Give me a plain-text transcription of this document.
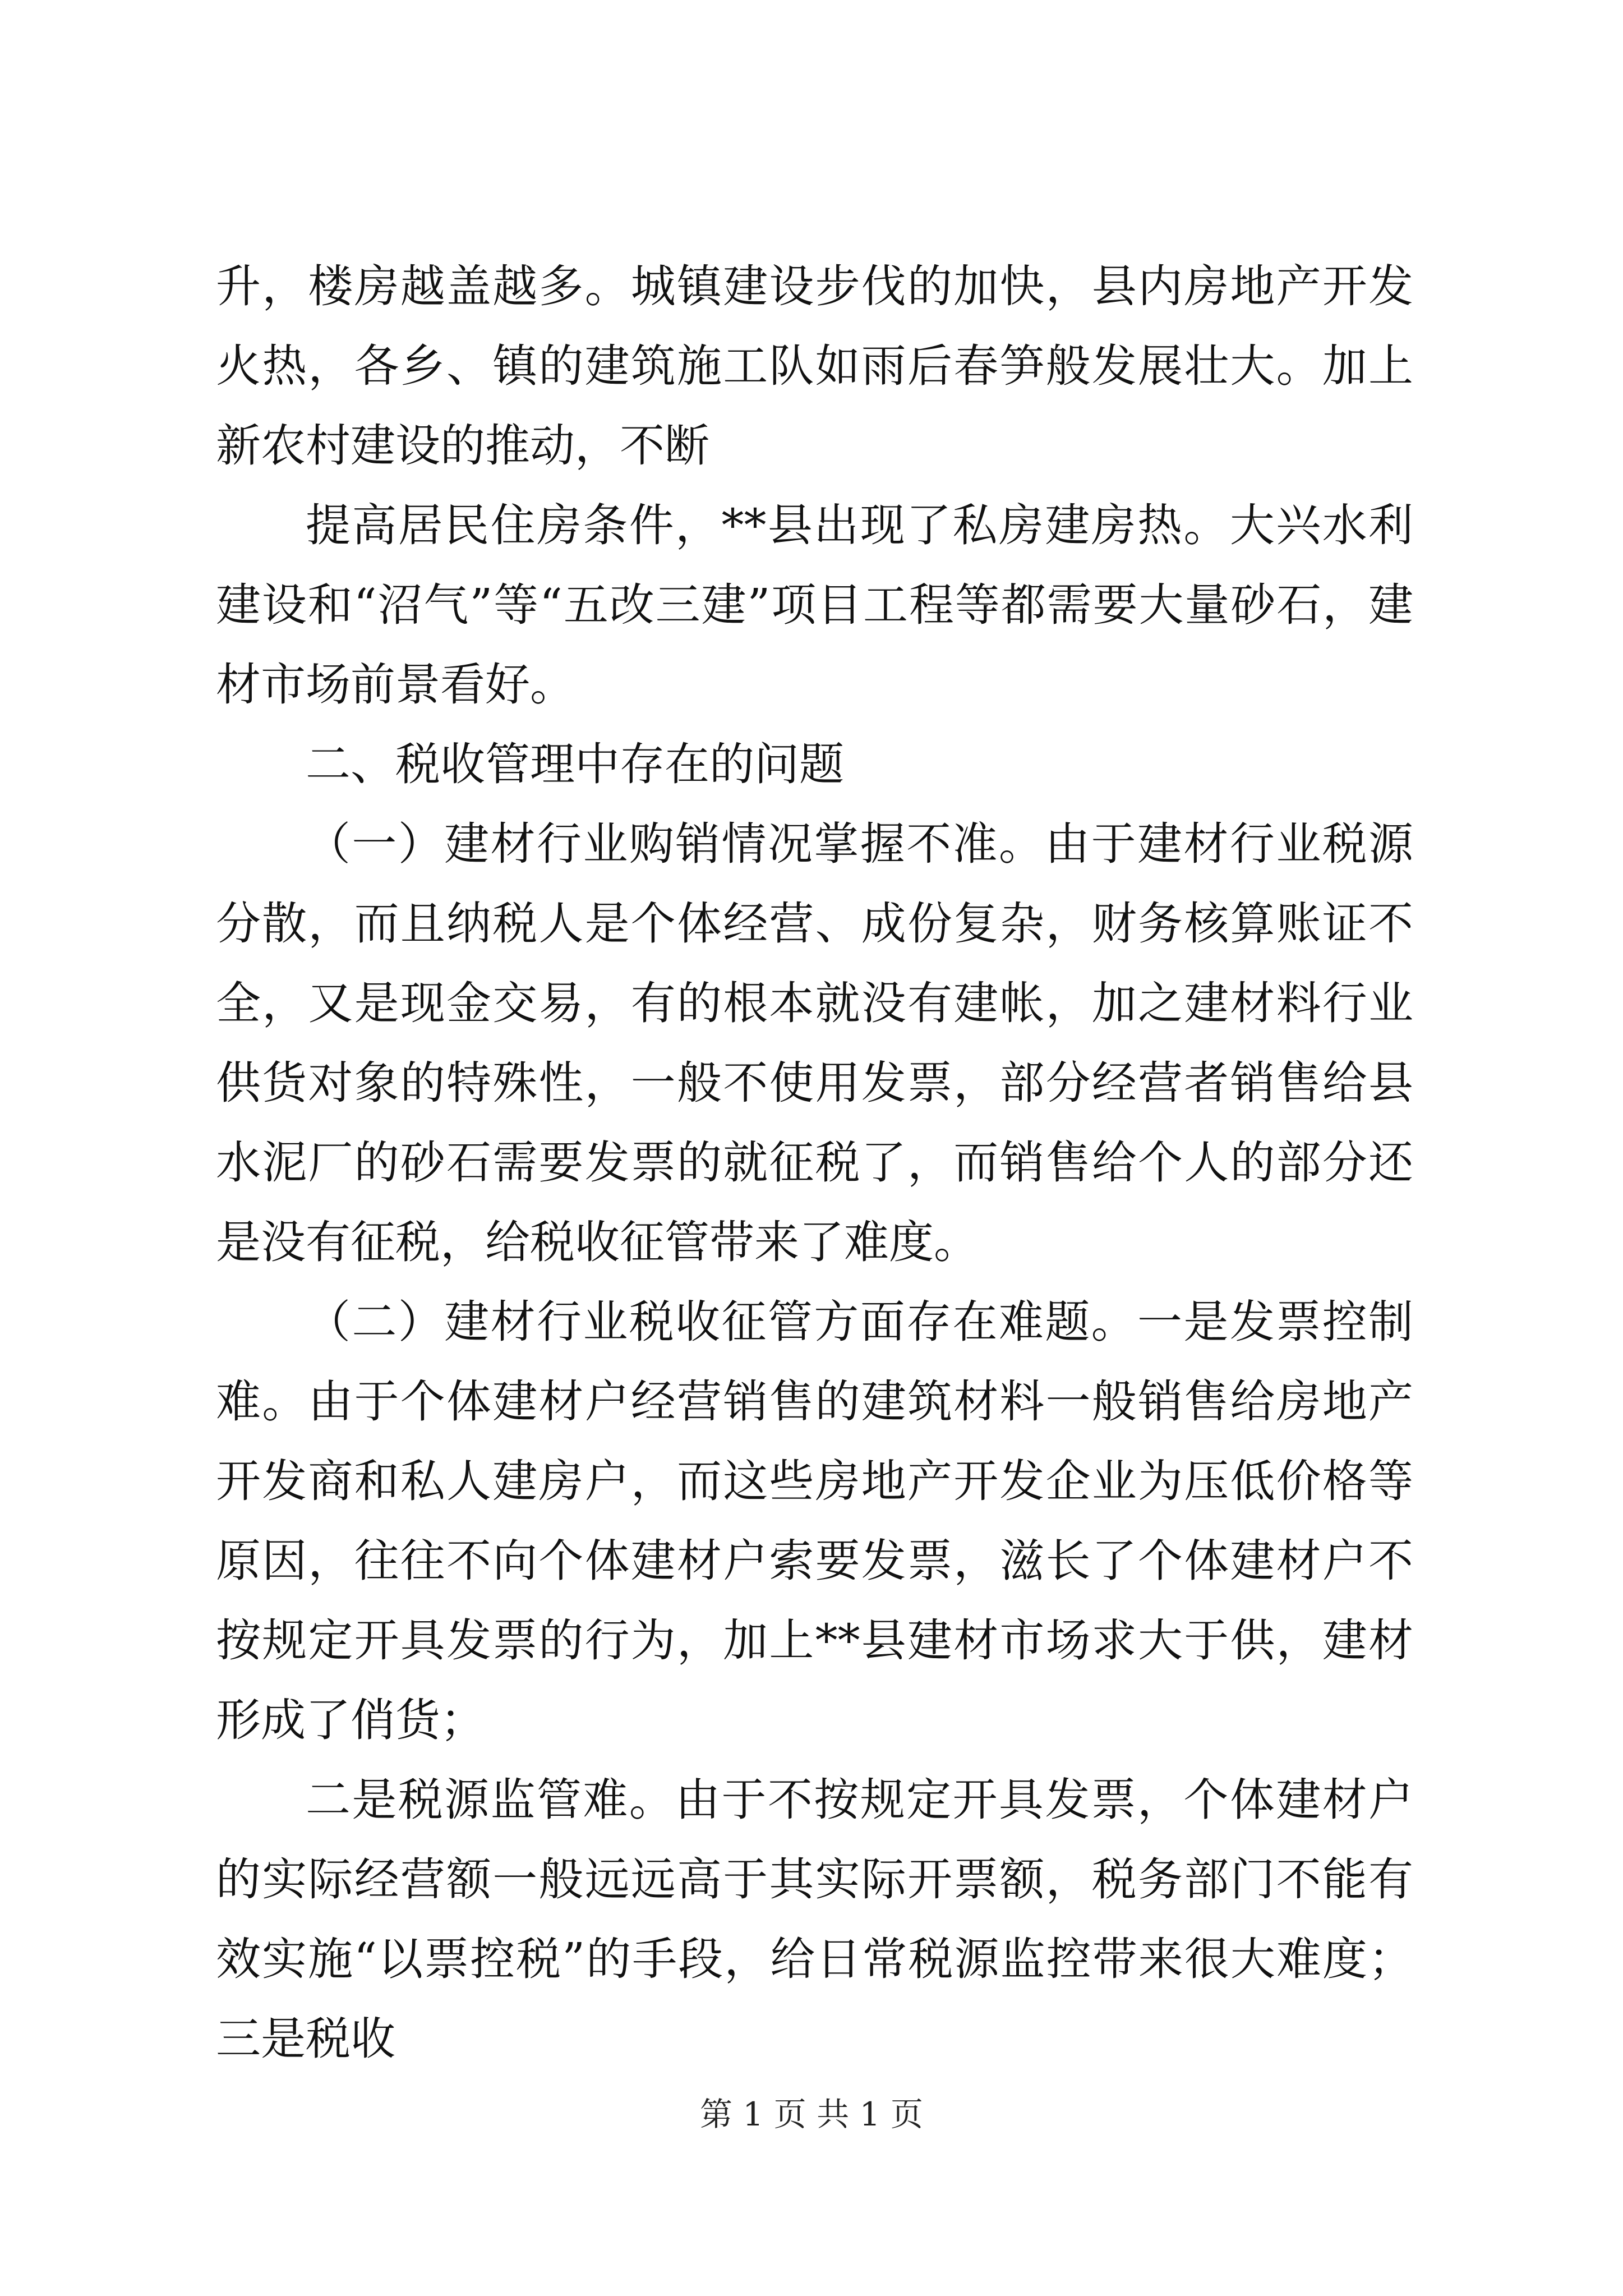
升，楼房越盖越多。城镇建设步伐的加快，县内房地产开发火热，各乡、镇的建筑施工队如雨后春笋般发展壮大。加上新农村建设的推动，不断

提高居民住房条件，**县出现了私房建房热。大兴水利建设和“沼气”等“五改三建”项目工程等都需要大量砂石，建材市场前景看好。

二、税收管理中存在的问题

（一）建材行业购销情况掌握不准。由于建材行业税源分散，而且纳税人是个体经营、成份复杂，财务核算账证不全，又是现金交易，有的根本就没有建帐，加之建材料行业供货对象的特殊性，一般不使用发票，部分经营者销售给县水泥厂的砂石需要发票的就征税了，而销售给个人的部分还是没有征税，给税收征管带来了难度。

（二）建材行业税收征管方面存在难题。一是发票控制难。由于个体建材户经营销售的建筑材料一般销售给房地产开发商和私人建房户，而这些房地产开发企业为压低价格等原因，往往不向个体建材户索要发票，滋长了个体建材户不按规定开具发票的行为，加上**县建材市场求大于供，建材形成了俏货；

二是税源监管难。由于不按规定开具发票，个体建材户的实际经营额一般远远高于其实际开票额，税务部门不能有效实施“以票控税”的手段，给日常税源监控带来很大难度；三是税收

第 1 页 共 1 页
